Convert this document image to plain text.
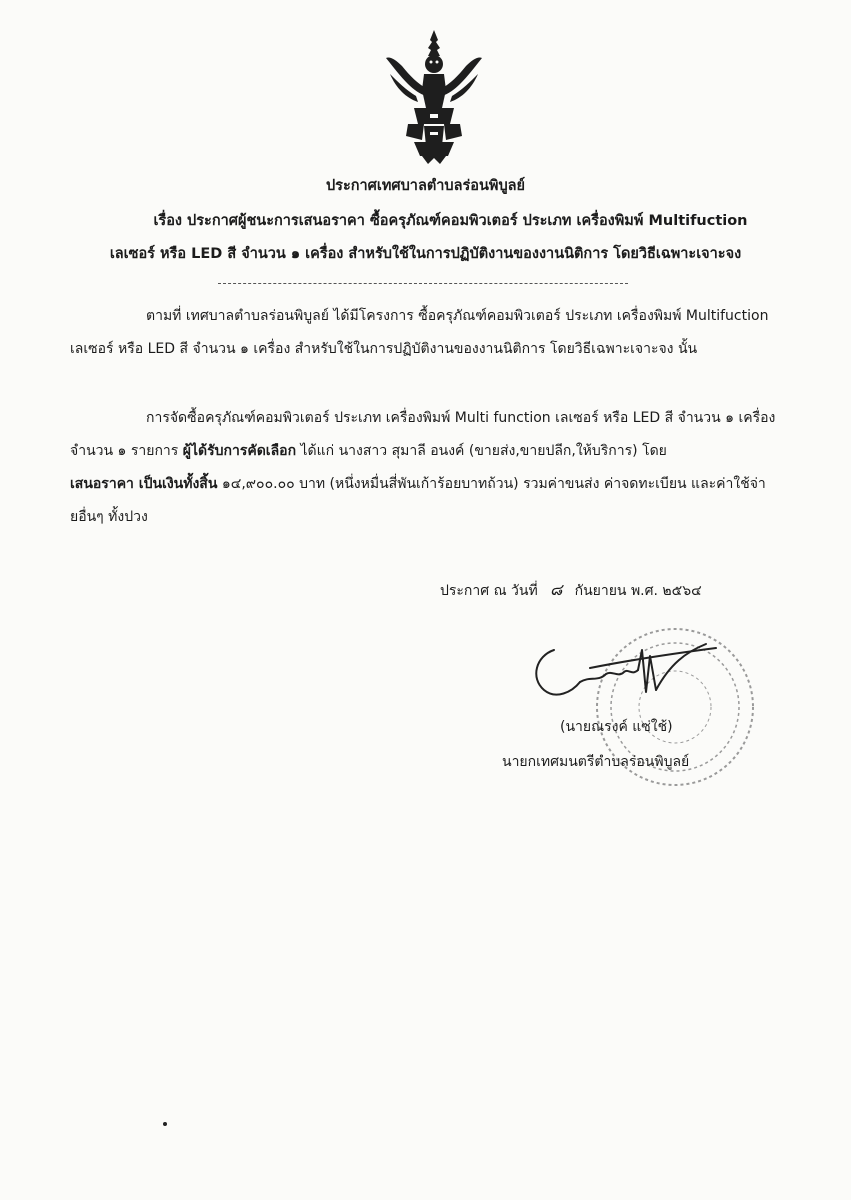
ประกาศเทศบาลตำบลร่อนพิบูลย์
เรื่อง ประกาศผู้ชนะการเสนอราคา ซื้อครุภัณฑ์คอมพิวเตอร์ ประเภท เครื่องพิมพ์ Multifuction
เลเซอร์ หรือ LED สี จำนวน ๑ เครื่อง สำหรับใช้ในการปฏิบัติงานของงานนิติการ โดยวิธีเฉพาะเจาะจง
ตามที่ เทศบาลตำบลร่อนพิบูลย์ ได้มีโครงการ ซื้อครุภัณฑ์คอมพิวเตอร์ ประเภท เครื่องพิมพ์ Multifuction เลเซอร์ หรือ LED สี จำนวน ๑ เครื่อง สำหรับใช้ในการปฏิบัติงานของงานนิติการ โดยวิธีเฉพาะเจาะจง นั้น
การจัดซื้อครุภัณฑ์คอมพิวเตอร์ ประเภท เครื่องพิมพ์ Multi function เลเซอร์ หรือ LED สี จำนวน ๑ เครื่อง จำนวน ๑ รายการ ผู้ได้รับการคัดเลือก ได้แก่ นางสาว สุมาลี อนงค์ (ขายส่ง,ขายปลีก,ให้บริการ) โดย
เสนอราคา เป็นเงินทั้งสิ้น ๑๔,๙๐๐.๐๐ บาท (หนึ่งหมื่นสี่พันเก้าร้อยบาทถ้วน) รวมค่าขนส่ง ค่าจดทะเบียน และค่าใช้จ่ายอื่นๆ ทั้งปวง
ประกาศ ณ วันที่ ๘ กันยายน พ.ศ. ๒๕๖๔
(นายณรงค์ แซ่ใช้)
นายกเทศมนตรีตำบลร่อนพิบูลย์
